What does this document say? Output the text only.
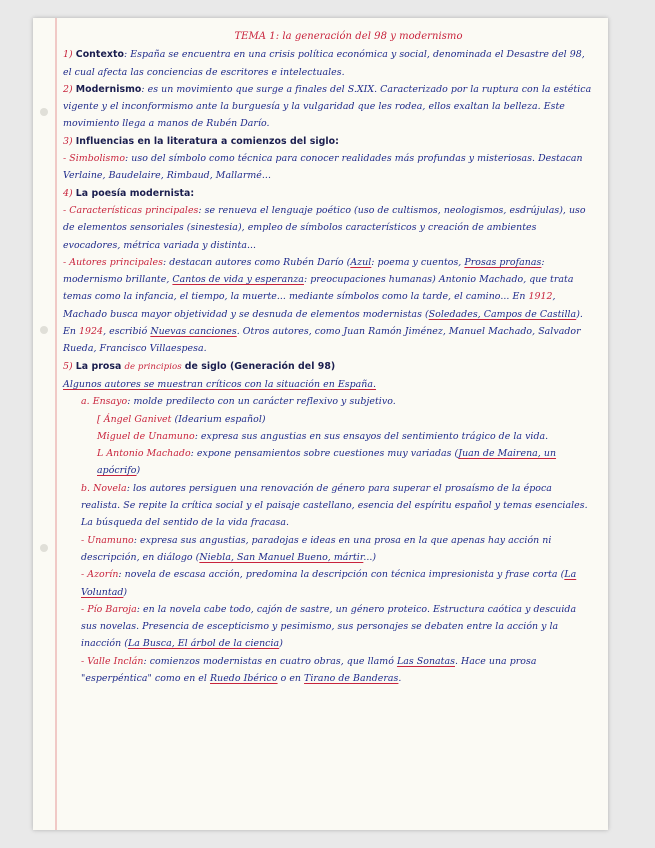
TEMA 1: la generación del 98 y modernismo

1) Contexto: España se encuentra en una crisis política económica y social, denominada el Desastre del 98, el cual afecta las conciencias de escritores e intelectuales.

2) Modernismo: es un movimiento que surge a finales del S.XIX. Caracterizado por la ruptura con la estética vigente y el inconformismo ante la burguesía y la vulgaridad que les rodea, ellos exaltan la belleza. Este movimiento llega a manos de Rubén Darío.

3) Influencias en la literatura a comienzos del siglo:

- Simbolismo: uso del símbolo como técnica para conocer realidades más profundas y misteriosas. Destacan Verlaine, Baudelaire, Rimbaud, Mallarmé...

4) La poesía modernista:

- Características principales: se renueva el lenguaje poético (uso de cultismos, neologismos, esdrújulas), uso de elementos sensoriales (sinestesia), empleo de símbolos característicos y creación de ambientes evocadores, métrica variada y distinta...

- Autores principales: destacan autores como Rubén Darío (Azul: poema y cuentos, Prosas profanas: modernismo brillante, Cantos de vida y esperanza: preocupaciones humanas) Antonio Machado, que trata temas como la infancia, el tiempo, la muerte... mediante símbolos como la tarde, el camino... En 1912, Machado busca mayor objetividad y se desnuda de elementos modernistas (Soledades, Campos de Castilla). En 1924, escribió Nuevas canciones. Otros autores, como Juan Ramón Jiménez, Manuel Machado, Salvador Rueda, Francisco Villaespesa.

5) La prosa de principios de siglo (Generación del 98)

Algunos autores se muestran críticos con la situación en España.

a. Ensayo: molde predilecto con un carácter reflexivo y subjetivo.

[ Ángel Ganivet (Idearium español)

Miguel de Unamuno: expresa sus angustias en sus ensayos del sentimiento trágico de la vida.

L Antonio Machado: expone pensamientos sobre cuestiones muy variadas (Juan de Mairena, un apócrifo)

b. Novela: los autores persiguen una renovación de género para superar el prosaísmo de la época realista. Se repite la crítica social y el paisaje castellano, esencia del espíritu español y temas esenciales. La búsqueda del sentido de la vida fracasa.

- Unamuno: expresa sus angustias, paradojas e ideas en una prosa en la que apenas hay acción ni descripción, en diálogo (Niebla, San Manuel Bueno, mártir...)

- Azorín: novela de escasa acción, predomina la descripción con técnica impresionista y frase corta (La Voluntad)

- Pío Baroja: en la novela cabe todo, cajón de sastre, un género proteico. Estructura caótica y descuida sus novelas. Presencia de escepticismo y pesimismo, sus personajes se debaten entre la acción y la inacción (La Busca, El árbol de la ciencia)

- Valle Inclán: comienzos modernistas en cuatro obras, que llamó Las Sonatas. Hace una prosa "esperpéntica" como en el Ruedo Ibérico o en Tirano de Banderas.
